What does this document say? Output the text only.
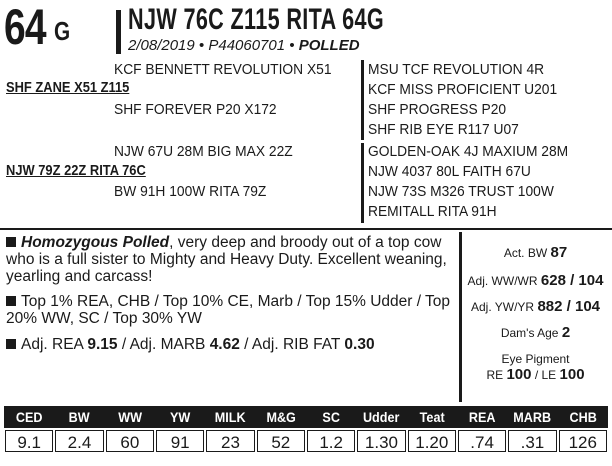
64 G NJW 76C Z115 RITA 64G
2/08/2019 • P44060701 • POLLED
KCF BENNETT REVOLUTION X51
SHF ZANE X51 Z115
SHF FOREVER P20 X172
MSU TCF REVOLUTION 4R
KCF MISS PROFICIENT U201
SHF PROGRESS P20
SHF RIB EYE R117 U07
NJW 67U 28M BIG MAX 22Z
NJW 79Z 22Z RITA 76C
BW 91H 100W RITA 79Z
GOLDEN-OAK 4J MAXIUM 28M
NJW 4037 80L FAITH 67U
NJW 73S M326 TRUST 100W
REMITALL RITA 91H
Homozygous Polled, very deep and broody out of a top cow who is a full sister to Mighty and Heavy Duty. Excellent weaning, yearling and carcass!
Top 1% REA, CHB / Top 10% CE, Marb / Top 15% Udder / Top 20% WW, SC / Top 30% YW
Adj. REA 9.15 / Adj. MARB 4.62 / Adj. RIB FAT 0.30
Act. BW 87
Adj. WW/WR 628 / 104
Adj. YW/YR 882 / 104
Dam's Age 2
Eye Pigment
RE 100 / LE 100
CED	BW	WW	YW	MILK	M&G	SC	Udder	Teat	REA	MARB	CHB
9.1	2.4	60	91	23	52	1.2	1.30	1.20	.74	.31	126
